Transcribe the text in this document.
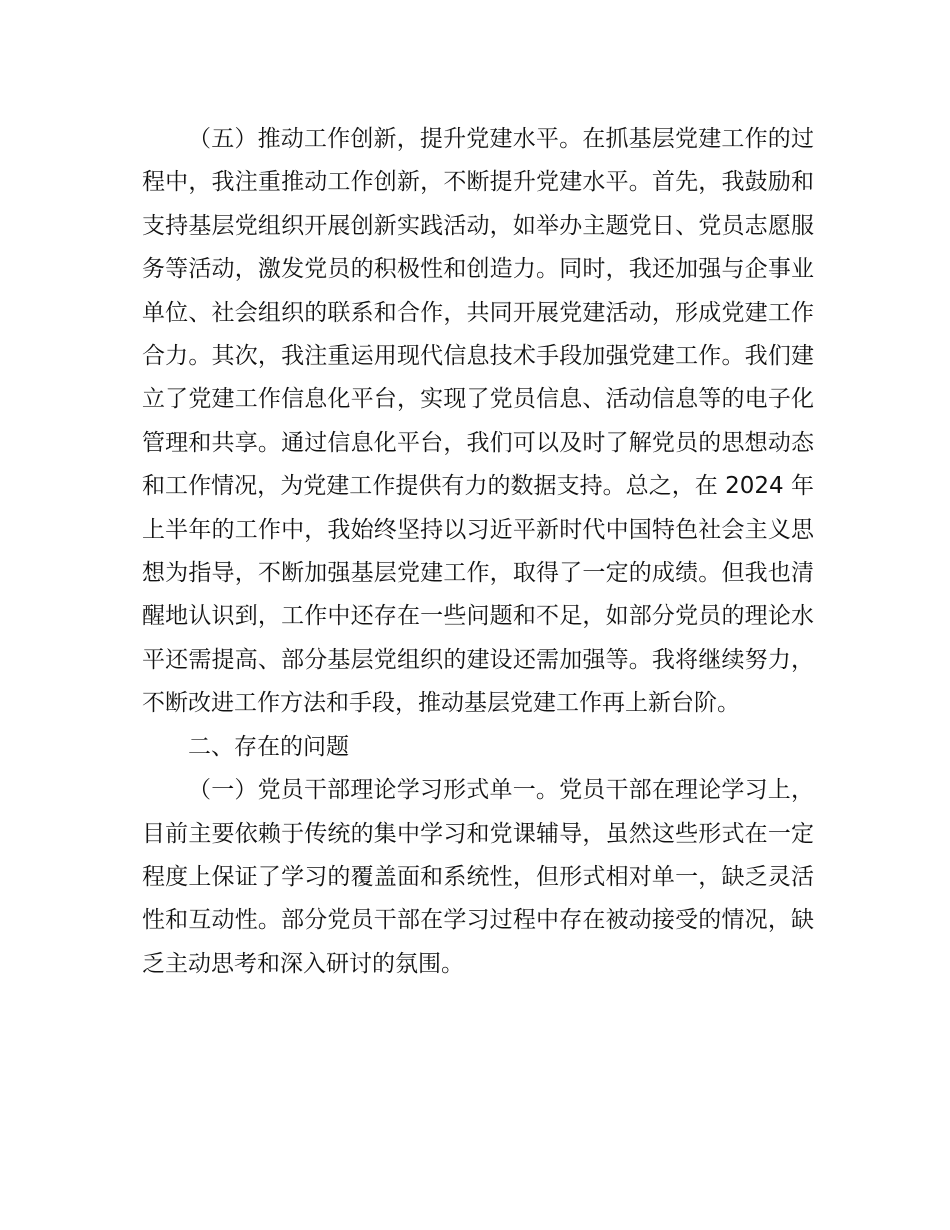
（五）推动工作创新，提升党建水平。在抓基层党建工作的过程中，我注重推动工作创新，不断提升党建水平。首先，我鼓励和支持基层党组织开展创新实践活动，如举办主题党日、党员志愿服务等活动，激发党员的积极性和创造力。同时，我还加强与企事业单位、社会组织的联系和合作，共同开展党建活动，形成党建工作合力。其次，我注重运用现代信息技术手段加强党建工作。我们建立了党建工作信息化平台，实现了党员信息、活动信息等的电子化管理和共享。通过信息化平台，我们可以及时了解党员的思想动态和工作情况，为党建工作提供有力的数据支持。总之，在 2024 年上半年的工作中，我始终坚持以习近平新时代中国特色社会主义思想为指导，不断加强基层党建工作，取得了一定的成绩。但我也清醒地认识到，工作中还存在一些问题和不足，如部分党员的理论水平还需提高、部分基层党组织的建设还需加强等。我将继续努力，不断改进工作方法和手段，推动基层党建工作再上新台阶。

二、存在的问题

（一）党员干部理论学习形式单一。党员干部在理论学习上，目前主要依赖于传统的集中学习和党课辅导，虽然这些形式在一定程度上保证了学习的覆盖面和系统性，但形式相对单一，缺乏灵活性和互动性。部分党员干部在学习过程中存在被动接受的情况，缺乏主动思考和深入研讨的氛围。
